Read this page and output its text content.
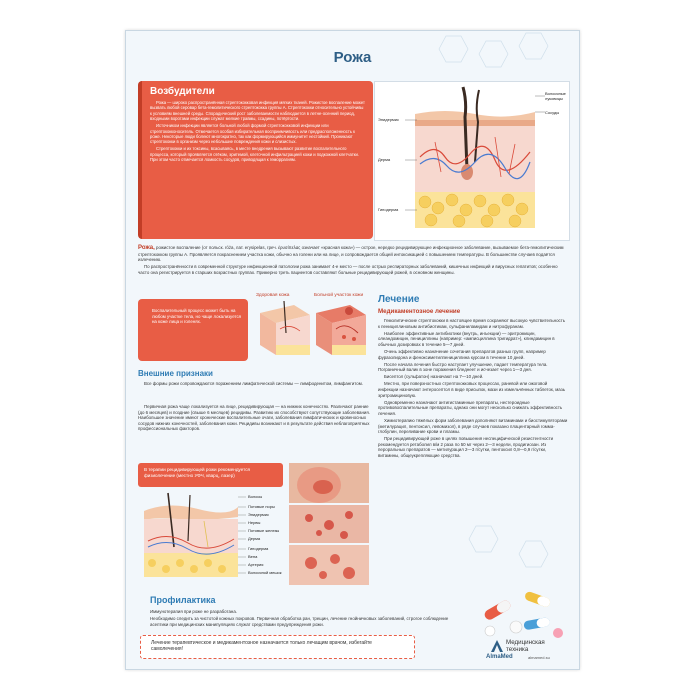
Рожа
Возбудители

Рожа — широко распространённая стрептококковая инфекция мягких тканей. Рожистое воспаление может вызвать любой серовар бета-гемолитического стрептококка группы А. Стрептококки относительно устойчивы к условиям внешней среды. Спорадический рост заболеваемости наблюдается в летне-осенний период, входными воротами инфекции служат мелкие травмы, ссадины, потёртости.

Источником инфекции является больной любой формой стрептококковой инфекции или стрептококконоситель. Отмечается особая избирательная восприимчивость или предрасположенность к роже. Некоторые люди болеют многократно, так как формирующийся иммунитет нестойкий. Проникают стрептококки в организм через небольшие повреждения кожи и слизистых.

Стрептококки и их токсины, всасываясь, в месте внедрения вызывают развитие воспалительного процесса, который проявляется отёком, эритемой, клеточной инфильтрацией кожи и подкожной клетчатки. При этом часто отмечается ломкость сосудов, приводящая к геморрагиям.

Эпидермис
Дерма
Гиподерма
Волосяные луковицы
Сосуды

Рожа, рожистое воспаление (от польск. róża, лат. erysipelas, греч. ἐρυσίπελας означает «красная кожа») — острое, нередко рецидивирующее инфекционное заболевание, вызываемое бета-гемолитическим стрептококком группы А. Проявляется покраснением участка кожи, обычно на голени или на лице, и сопровождается общей интоксикацией с повышением температуры. В большинстве случаев подаётся излечению.

По распространённости в современной структуре инфекционной патологии рожа занимает 4-е место — после острых респираторных заболеваний, кишечных инфекций и вирусных гепатитов; особенно часто она регистрируется в старших возрастных группах. Примерно треть пациентов составляют больные рецидивирующей рожей, в основном женщины.

Воспалительный процесс может быть на любом участке тела, но чаще локализуется на коже лица и голенях.
Здоровая кожа	Больной участок кожи
Внешние признаки

Все формы рожи сопровождаются поражением лимфатической системы — лимфоденитом, лимфангитом.

Первичная рожа чаще локализуется на лице, рецидивирующая — на нижних конечностях. Различают ранние (до 6 месяцев) и поздние (свыше 6 месяцев) рецидивы. Развитию их способствуют сопутствующие заболевания. Наибольшее значение имеют хронические воспалительные очаги, заболевания лимфатических и кровеносных сосудов нижних конечностей, заболевания кожи. Рецидивы возникают и в результате действия неблагоприятных профессиональных факторов.

В терапии рецидивирующей рожи рекомендуется физиолечение (местно УФЧ, кварц, лазер)
Волосы
Потовые поры
Эпидермис
Нервы
Потовые железы
Дерма
Гиподерма
Вена
Артерия
Волосяной мешок
Профилактика

Иммунотерапия при роже не разработана.

Необходимо следить за чистотой кожных покровов. Первичная обработка ран, трещин, лечение гнойничковых заболеваний, строгое соблюдение асептики при медицинских манипуляциях служат средствами предупреждения рожи.

Лечение
Медикаментозное лечение

Гемолитические стрептококки в настоящее время сохраняют высокую чувствительность к пенициллиновым антибиотикам, сульфаниламидам и нитрофуранам.

Наиболее эффективные антибиотики (внутрь, инъекции) — эритромицин, олеандомицин, пенициллины (например: «амписциллина тригидрат»), клиндамицин в обычных дозировках в течение 5—7 дней.

Очень эффективно назначение сочетания препаратов разных групп, например фуразолидона и феноксиметилпенициллина курсом в течение 10 дней.

После начала лечения быстро наступает улучшение, падает температура тела. Пограничный валик в зоне поражения бледнеет и исчезает через 1—3 дня.

Бисептол (сульфатон) назначают на 7—10 дней.

Местно, при поверхностных стрептококковых процессах, раневой или ожоговой инфекции назначают энтеросептол в виде присыпок, мази из измельчённых таблеток, мазь эритромициновую.

Одновременно назначают антигистаминные препараты, нестероидные противовоспалительные препараты, однако они могут несколько снижать эффективность лечения.

Химиотерапию тяжёлых форм заболевания дополняют витаминами и биостимуляторами (метилурацил, пентоксил, левомизол), в ряде случаев показано плацентарный гомма-глобулин, переливание крови и плазмы.

При рецидивирующей роже в целях повышения неспецифической резистентности рекомендуется ретаболил в/м 2 раза по 50 мг через 2—3 недели, продигиозан. Из пероральных препаратов — метилурацил 2—3 г/сутки, пентоксил 0,8—0,9 г/сутки, витамины, общеукрепляющие средства.

Лечение терапевтическое и медикаментозное назначается только лечащим врачом, избегайте самолечения!
Медицинская
техника
AlmaMed	almamed.su
